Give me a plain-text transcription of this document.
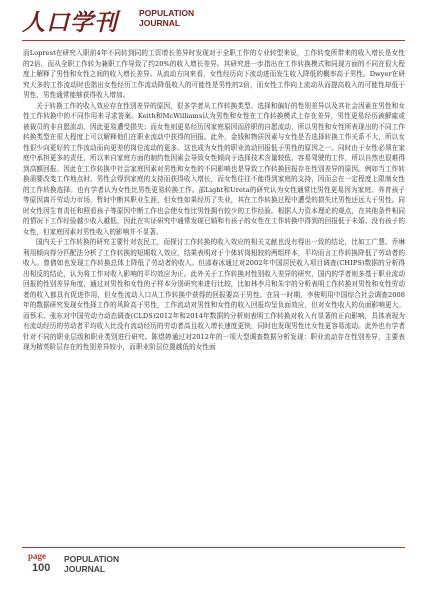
人口学刊 POPULATION
JOURNAL

而Loprest在研究入职前4年不同转到同的工资增长差异时发现对于全职工作的专业转型来说，工作转变所带来的收入增长是女性的2倍，而从全职工作转为兼职工作导致了约20%的收入增长差异。其研究进一步指出在工作转换模式和同现方面的不同在很大程度上解释了男性和女性之间的收入增长差异。从流动方向来看，女性经历向下流动进而发生收入降低的概率高于男性。Dwyer在研究大多的工作流动时也指出女性经历工作流动降低收入的可能性是男性的2倍，而女性工作向上流动从而提高收入的可能性却低于男性，男性通常能够获得收入增加。

关于转换工作的收入效应存在性别差异的原因，很多学者从工作转换类型、选择和偏好的性别差异以及其社会因素在男性和女性工作转换中的不同作用来寻求答案。Keith和McWilliams认为男性和女性在工作转换模式上存在差异，男性更易经历被解雇或被裁员的非自愿流动，因此更易遭受损失；而女性则更易经历因家庭原因而辞职的自愿流动，所以男性和女性所表现出的不同工作转换类型在很大程度上可以解释他们在职业流动中获得的回报。此外，金钱和物质因素与女性是否选择转换工作关系不大，所以女性很少向更好的工作流动而向更差的岗位流动的更多。这也成为女性的职业流动回报低于男性的原因之一。同时由于女性必须在家庭中承担更多的责任，所以来自家庭方面的制约性因素会导致女性倾向于选择技术含量较低、容易驾驶的工作，所以自然也很难得到高额回报。因此在工作转换中社会家庭因素对男性和女性的不同影响也是导致工作转换回报存在性别差异的原因。例如当工作转换需要改变工作地点时，男性会得到家庭的支持而获得收入增长，而女性往往不能得到家庭的支持，因而会在一定程度上限制女性的工作转换选择。也有学者认为女性比男性更易转换工作。邵Light和Ureta的研究认为女性通常比男性更易因为家庭、养育孩子等原因离开劳动力市场，暂时中断其职业生涯，但女性如果经历了失业，其在工作转换过程中遭受的损失比男性还远大于男性。同时女性因生育责任和照看孩子等原因中断工作也会使女性比男性拥有较少的工作经验。根据人力资本理论的观点，在其他条件相同的情况下工作经验越少收入越低，因此在实证研究中通常发现已婚和有孩子的女性在工作转换中得到的回报低于未婚、没有孩子的女性，但家庭因素对男性收入的影响并不显著。

国内关于工作转换的研究主要针对农民工，而探讨工作转换的收入效应的相关文献也没有得出一致的结论，比如工广慧、乔琳利用倾向得分匹配法分析了工作转换的短期收入效应，结果表明对于个体转岗相较的两组样本，平均而言工作转换降低了劳动者的收入。曾倩如也发现工作转换总体上降低了劳动者的收入。但邵春冰通过对2002年中国居民收入项目调查(CHIPS)数据的分析得出相反的结论，认为将工作对收入影响的平均效应为正。此外关于工作转换对性别收入差异的研究，国内的学者则多基于职业流动回报的性别差异角度，通过对男性和女性的子样本分别研究来进行比较，比如林李月和朱宇的分析表明工作转换对男性和女性劳动者的收入都具有促进作用，但女性流动入口从工作转换中获得的回报要高于男性。在同一时期，李骏明用中国综合社会调查2008年的数据研究发现女性择工作的风险高于男性，工作流动对男性和女性的收入回报均呈负面效应，但对女性收入的负面影响更大。而蔡禾、张东对中国劳动力动态调查(CLDS)2012年和2014年数据的分析则表明工作转换对收入有显著的正向影响，具体表现为有流动经历的劳动者平均收入比没有流动经历的劳动者高且收入增长速度更快，同时也发现男性比女性更容易流动。此外也有学者针对不同的职业层级和职业类别进行研究。陈煜婷通过对2012年的一项大型调查数据分析发现：职业流动存在性别差异，主要表现为精英阶层存在的性别差异较小，而职业阶层位置越低的女性面

page
100
POPULATION
JOURNAL
